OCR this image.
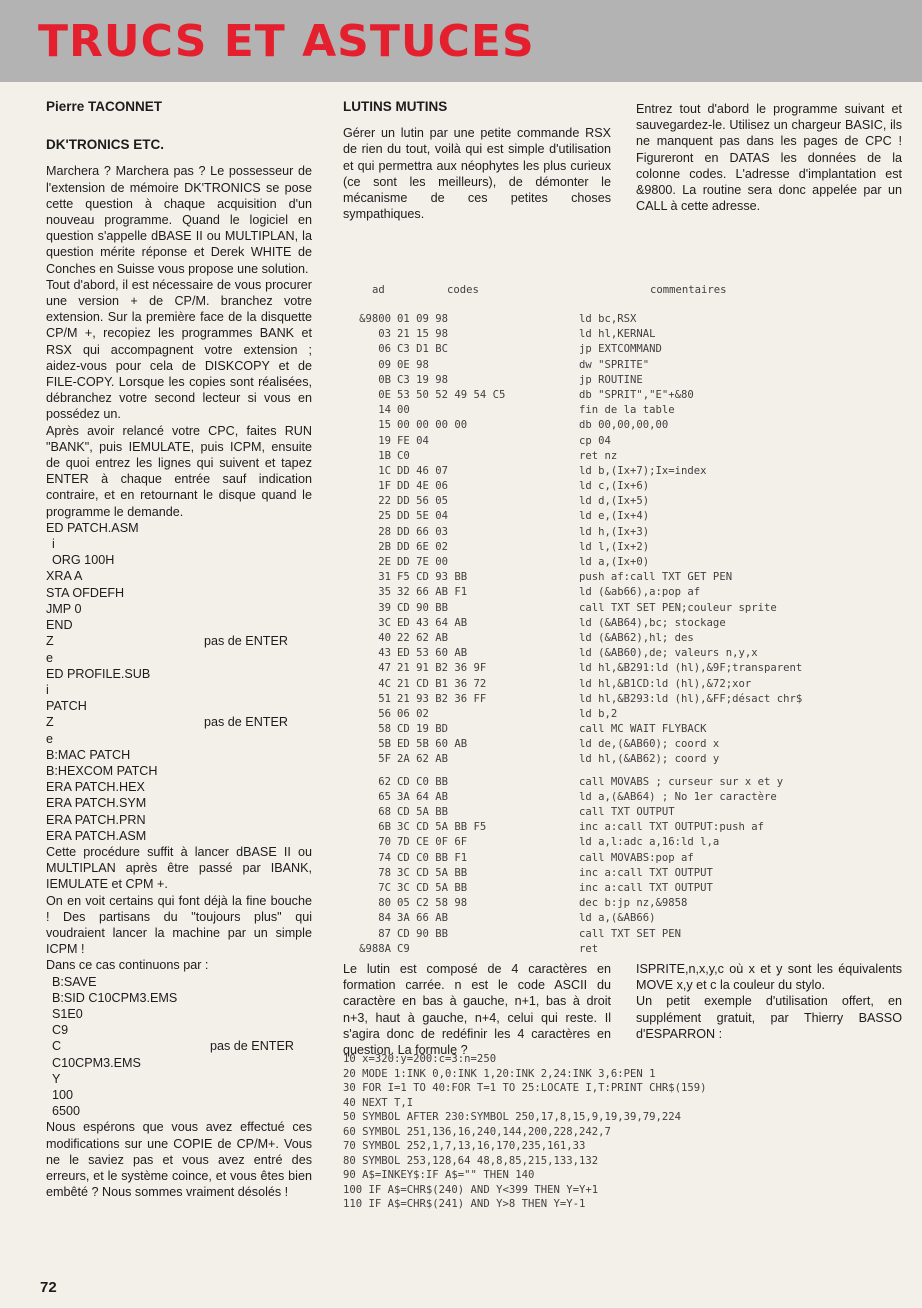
TRUCS ET ASTUCES

Pierre TACONNET

DK'TRONICS ETC.

Marchera ? Marchera pas ? Le possesseur de l'extension de mémoire DK'TRONICS se pose cette question à chaque acquisition d'un nouveau programme. Quand le logiciel en question s'appelle dBASE II ou MULTIPLAN, la question mérite réponse et Derek WHITE de Conches en Suisse vous propose une solution.

Tout d'abord, il est nécessaire de vous procurer une version + de CP/M. branchez votre extension. Sur la première face de la disquette CP/M +, recopiez les programmes BANK et RSX qui accompagnent votre extension ; aidez-vous pour cela de DISKCOPY et de FILE-COPY. Lorsque les copies sont réalisées, débranchez votre second lecteur si vous en possédez un.

Après avoir relancé votre CPC, faites RUN "BANK", puis IEMULATE, puis ICPM, ensuite de quoi entrez les lignes qui suivent et tapez ENTER à chaque entrée sauf indication contraire, et en retournant le disque quand le programme le demande.

ED PATCH.ASM
i
ORG 100H
XRA A
STA OFDEFH
JMP 0
END
Z	pas de ENTER
e
ED PROFILE.SUB
i
PATCH
Z	pas de ENTER
e
B:MAC PATCH
B:HEXCOM PATCH
ERA PATCH.HEX
ERA PATCH.SYM
ERA PATCH.PRN
ERA PATCH.ASM

Cette procédure suffit à lancer dBASE II ou MULTIPLAN après être passé par IBANK, IEMULATE et CPM +.

On en voit certains qui font déjà la fine bouche ! Des partisans du "toujours plus" qui voudraient lancer la machine par un simple ICPM !

Dans ce cas continuons par :

B:SAVE
B:SID C10CPM3.EMS
S1E0
C9
C	pas de ENTER
C10CPM3.EMS
Y
100
6500

Nous espérons que vous avez effectué ces modifications sur une COPIE de CP/M+. Vous ne le saviez pas et vous avez entré des erreurs, et le système coince, et vous êtes bien embêté ? Nous sommes vraiment désolés !

LUTINS MUTINS

Gérer un lutin par une petite commande RSX de rien du tout, voilà qui est simple d'utilisation et qui permettra aux néophytes les plus curieux (ce sont les meilleurs), de démonter le mécanisme de ces petites choses sympathiques.

Entrez tout d'abord le programme suivant et sauvegardez-le. Utilisez un chargeur BASIC, ils ne manquent pas dans les pages de CPC ! Figureront en DATAS les données de la colonne codes. L'adresse d'implantation est &9800. La routine sera donc appelée par un CALL à cette adresse.

ad	codes	commentaires
&9800	01 09 98	ld bc,RSX
03	21 15 98	ld hl,KERNAL
06	C3 D1 BC	jp EXTCOMMAND
09	0E 98	dw "SPRITE"
0B	C3 19 98	jp ROUTINE
0E	53 50 52 49 54 C5	db "SPRIT","E"+&80
14	00	fin de la table
15	00 00 00 00	db 00,00,00,00
19	FE 04	cp 04
1B	C0	ret nz
1C	DD 46 07	ld b,(Ix+7);Ix=index
1F	DD 4E 06	ld c,(Ix+6)
22	DD 56 05	ld d,(Ix+5)
25	DD 5E 04	ld e,(Ix+4)
28	DD 66 03	ld h,(Ix+3)
2B	DD 6E 02	ld l,(Ix+2)
2E	DD 7E 00	ld a,(Ix+0)
31	F5 CD 93 BB	push af:call TXT GET PEN
35	32 66 AB F1	ld (&ab66),a:pop af
39	CD 90 BB	call TXT SET PEN;couleur sprite
3C	ED 43 64 AB	ld (&AB64),bc; stockage
40	22 62 AB	ld (&AB62),hl; des
43	ED 53 60 AB	ld (&AB60),de; valeurs n,y,x
47	21 91 B2 36 9F	ld hl,&B291:ld (hl),&9F;transparent
4C	21 CD B1 36 72	ld hl,&B1CD:ld (hl),&72;xor
51	21 93 B2 36 FF	ld hl,&B293:ld (hl),&FF;désact chr$
56	06 02	ld b,2
58	CD 19 BD	call MC WAIT FLYBACK
5B	ED 5B 60 AB	ld de,(&AB60); coord x
5F	2A 62 AB	ld hl,(&AB62); coord y
62	CD C0 BB	call MOVABS ; curseur sur x et y
65	3A 64 AB	ld a,(&AB64) ; No 1er caractère
68	CD 5A BB	call TXT OUTPUT
6B	3C CD 5A BB F5	inc a:call TXT OUTPUT:push af
70	7D CE 0F 6F	ld a,l:adc a,16:ld l,a
74	CD C0 BB F1	call MOVABS:pop af
78	3C CD 5A BB	inc a:call TXT OUTPUT
7C	3C CD 5A BB	inc a:call TXT OUTPUT
80	05 C2 58 98	dec b:jp nz,&9858
84	3A 66 AB	ld a,(&AB66)
87	CD 90 BB	call TXT SET PEN
&988A	C9	ret

Le lutin est composé de 4 caractères en formation carrée. n est le code ASCII du caractère en bas à gauche, n+1, bas à droit n+3, haut à gauche, n+4, celui qui reste. Il s'agira donc de redéfinir les 4 caractères en question. La formule ?

ISPRITE,n,x,y,c où x et y sont les équivalents MOVE x,y et c la couleur du stylo.

Un petit exemple d'utilisation offert, en supplément gratuit, par Thierry BASSO d'ESPARRON :

10 x=320:y=200:c=3:n=250
20 MODE 1:INK 0,0:INK 1,20:INK 2,24:INK 3,6:PEN 1
30 FOR I=1 TO 40:FOR T=1 TO 25:LOCATE I,T:PRINT CHR$(159)
40 NEXT T,I
50 SYMBOL AFTER 230:SYMBOL 250,17,8,15,9,19,39,79,224
60 SYMBOL 251,136,16,240,144,200,228,242,7
70 SYMBOL 252,1,7,13,16,170,235,161,33
80 SYMBOL 253,128,64 48,8,85,215,133,132
90 A$=INKEY$:IF A$="" THEN 140
100 IF A$=CHR$(240) AND Y<399 THEN Y=Y+1
110 IF A$=CHR$(241) AND Y>8 THEN Y=Y-1
72
